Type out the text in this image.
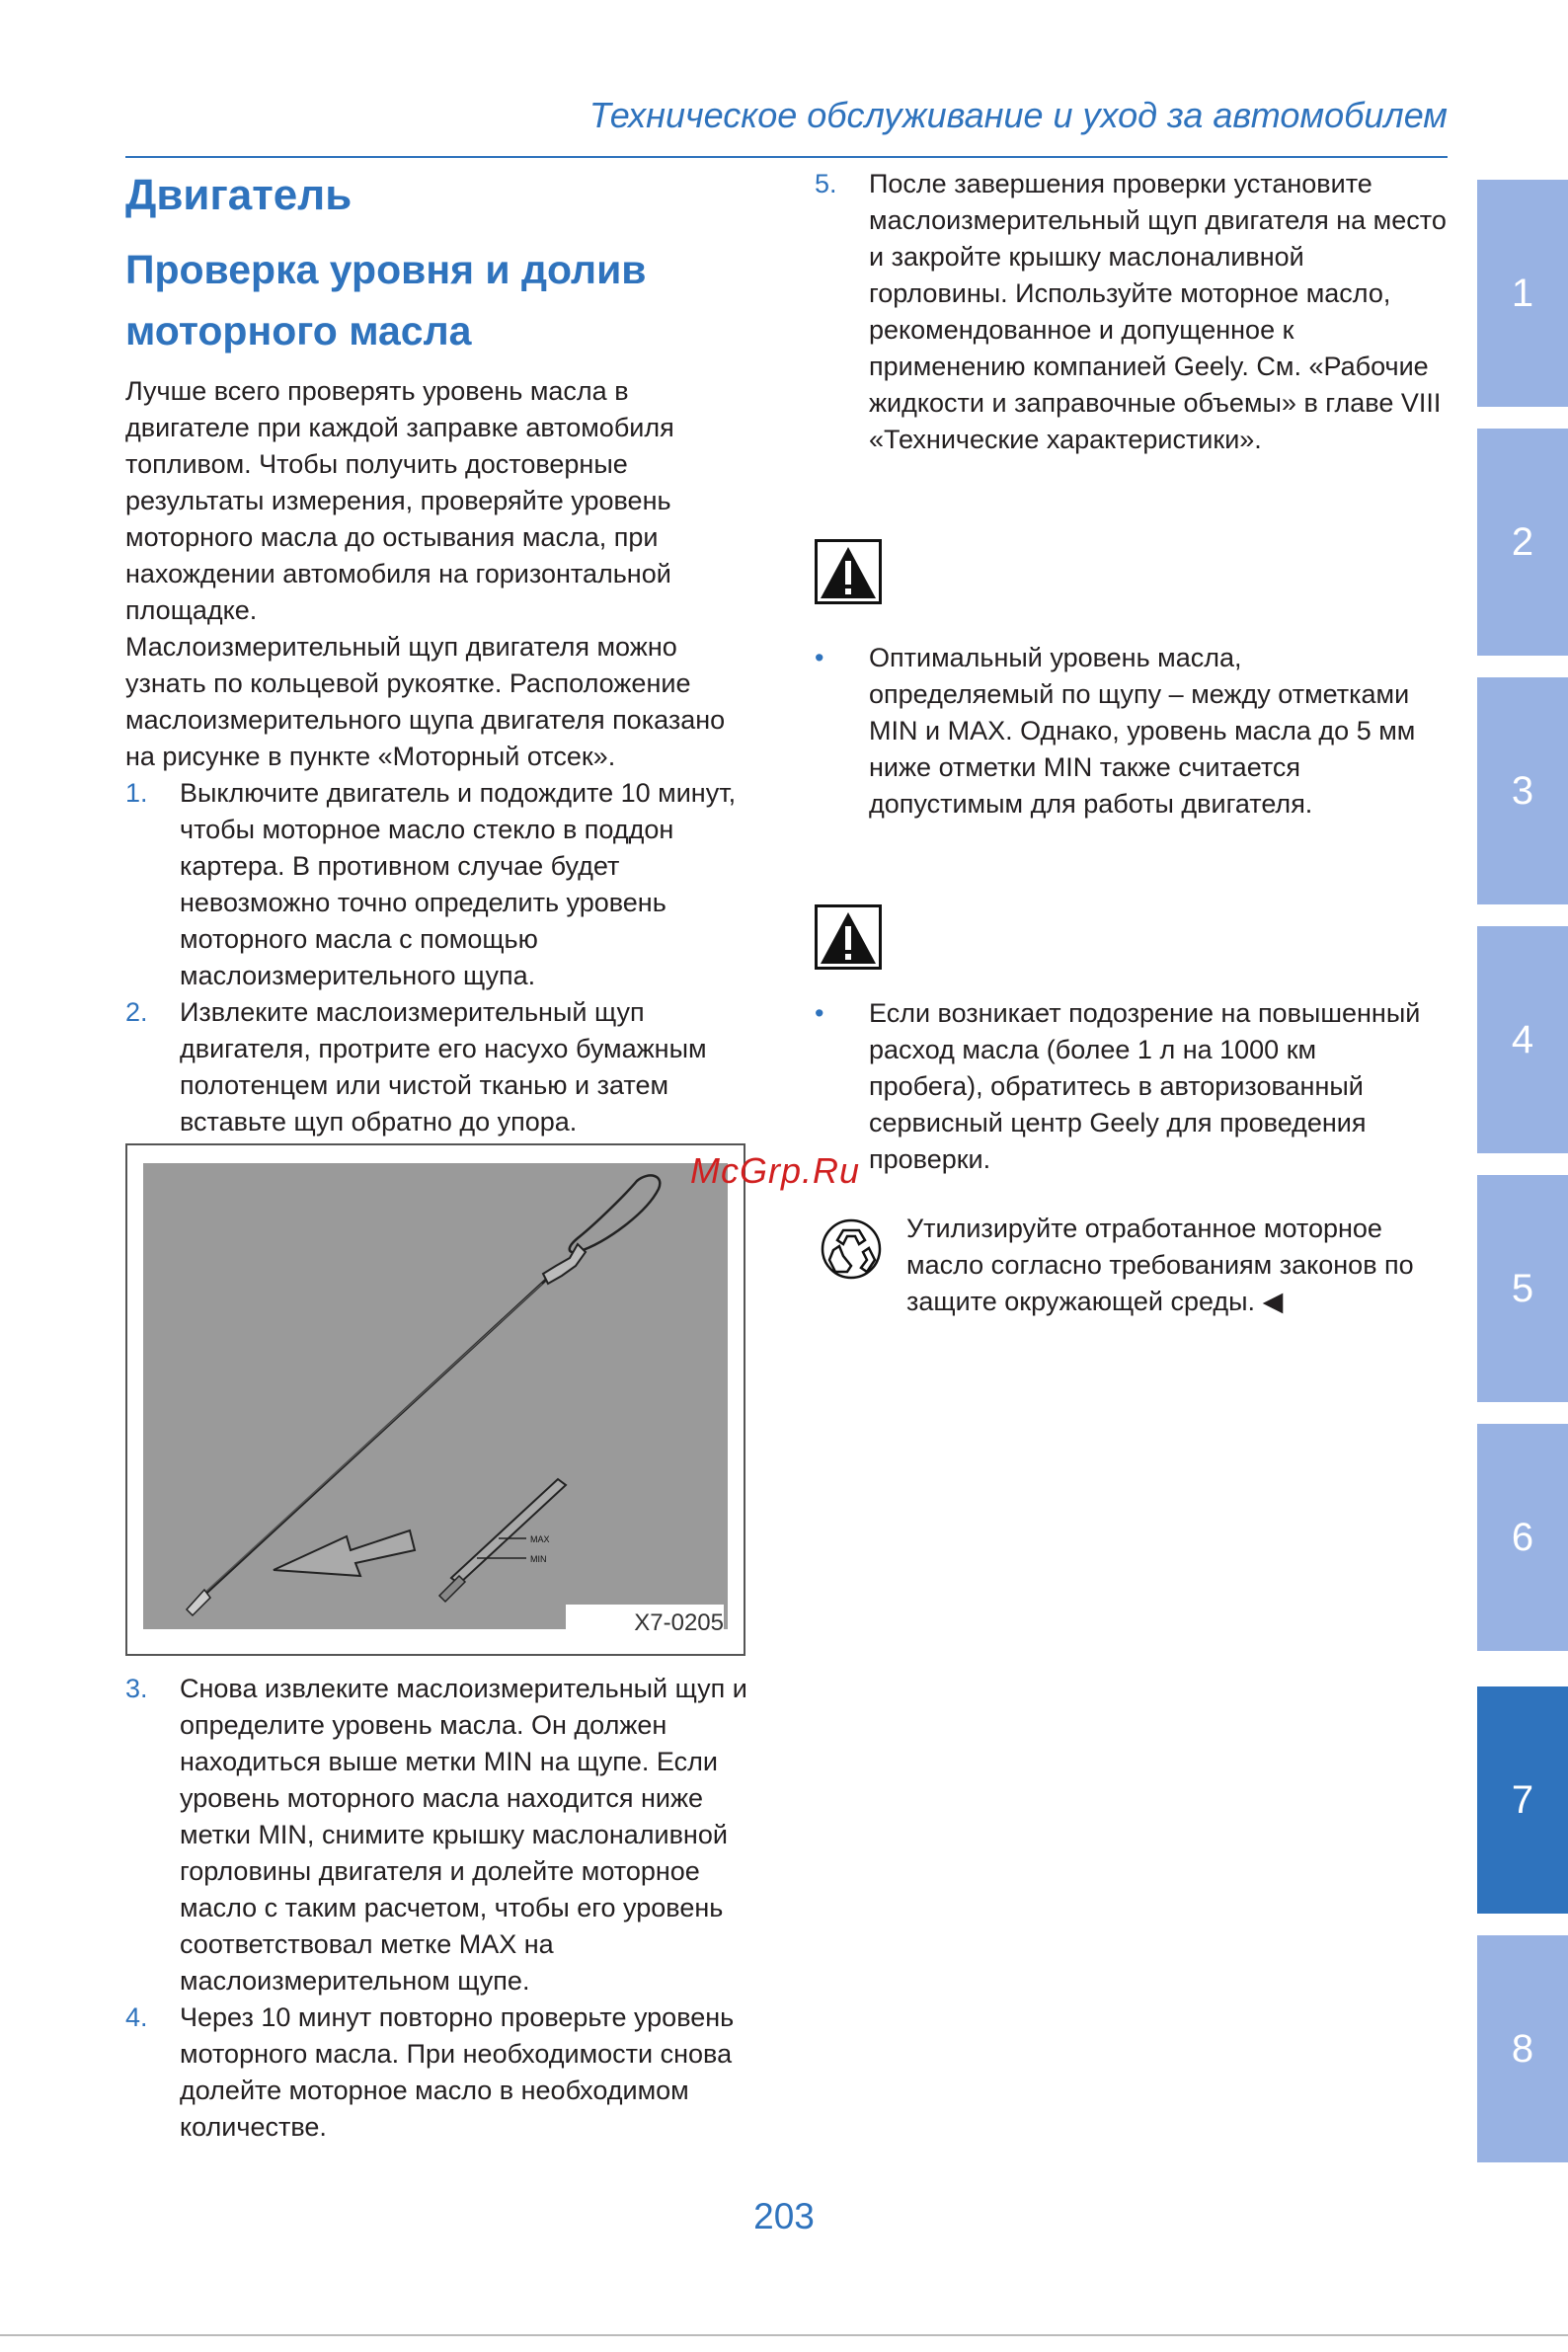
Техническое обслуживание и уход за автомобилем
Двигатель
Проверка уровня и долив моторного масла

Лучше всего проверять уровень масла в двигателе при каждой заправке автомобиля топливом. Чтобы получить достоверные результаты измерения, проверяйте уровень моторного масла до остывания масла, при нахождении автомобиля на горизонтальной площадке.

Маслоизмерительный щуп двигателя можно узнать по кольцевой рукоятке. Расположение маслоизмерительного щупа двигателя показано на рисунке в пункте «Моторный отсек».

1.	Выключите двигатель и подождите 10 минут, чтобы моторное масло стекло в поддон картера. В противном случае будет невозможно точно определить уровень моторного масла с помощью маслоизмерительного щупа.
2.	Извлеките маслоизмерительный щуп двигателя, протрите его насухо бумажным полотенцем или чистой тканью и затем вставьте щуп обратно до упора.
MAX
MIN
X7-0205
3.	Снова извлеките маслоизмерительный щуп и определите уровень масла. Он должен находиться выше метки MIN на щупе. Если уровень моторного масла находится ниже метки MIN, снимите крышку маслоналивной горловины двигателя и долейте моторное масло с таким расчетом, чтобы его уровень соответствовал метке MAX на маслоизмерительном щупе.
4.	Через 10 минут повторно проверьте уровень моторного масла. При необходимости снова долейте моторное масло в необходимом количестве.
5.	После завершения проверки установите маслоизмерительный щуп двигателя на место и закройте крышку маслоналивной горловины. Используйте моторное масло, рекомендованное и допущенное к применению компанией Geely. См. «Рабочие жидкости и заправочные объемы» в главе VIII «Технические характеристики».
•	Оптимальный уровень масла, определяемый по щупу – между отметками MIN и MAX. Однако, уровень масла до 5 мм ниже отметки MIN также считается допустимым для работы двигателя.
•	Если возникает подозрение на повышенный расход масла (более 1 л на 1000 км пробега), обратитесь в авторизованный сервисный центр Geely для проведения проверки.
Утилизируйте отработанное моторное масло согласно требованиям законов по защите окружающей среды. ◀
McGrp.Ru
1
2
3
4
5
6
7
8
203
